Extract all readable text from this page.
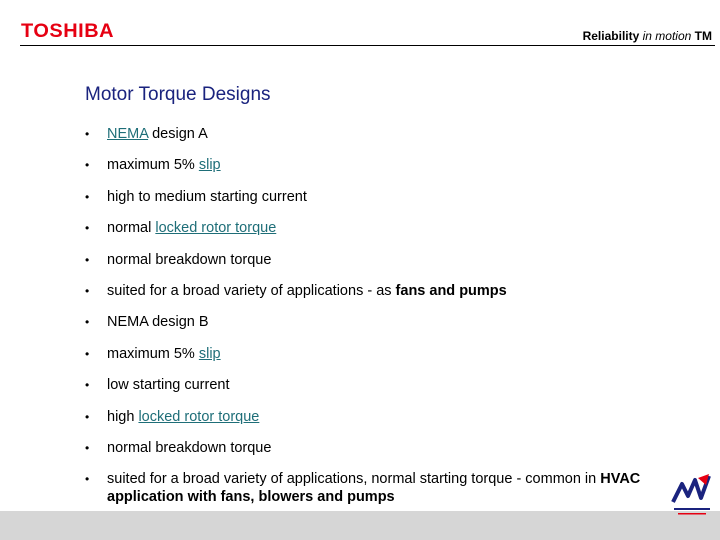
TOSHIBA	Reliability in motion TM
Motor Torque Designs
•	NEMA design A
•	maximum 5% slip
•	high to medium starting current
•	normal locked rotor torque
•	normal breakdown torque
•	suited for a broad variety of applications - as fans and pumps
•	NEMA design B
•	maximum 5% slip
•	low starting current
•	high locked rotor torque
•	normal breakdown torque
•	suited for a broad variety of applications, normal starting torque - common in HVAC application with fans, blowers and pumps
